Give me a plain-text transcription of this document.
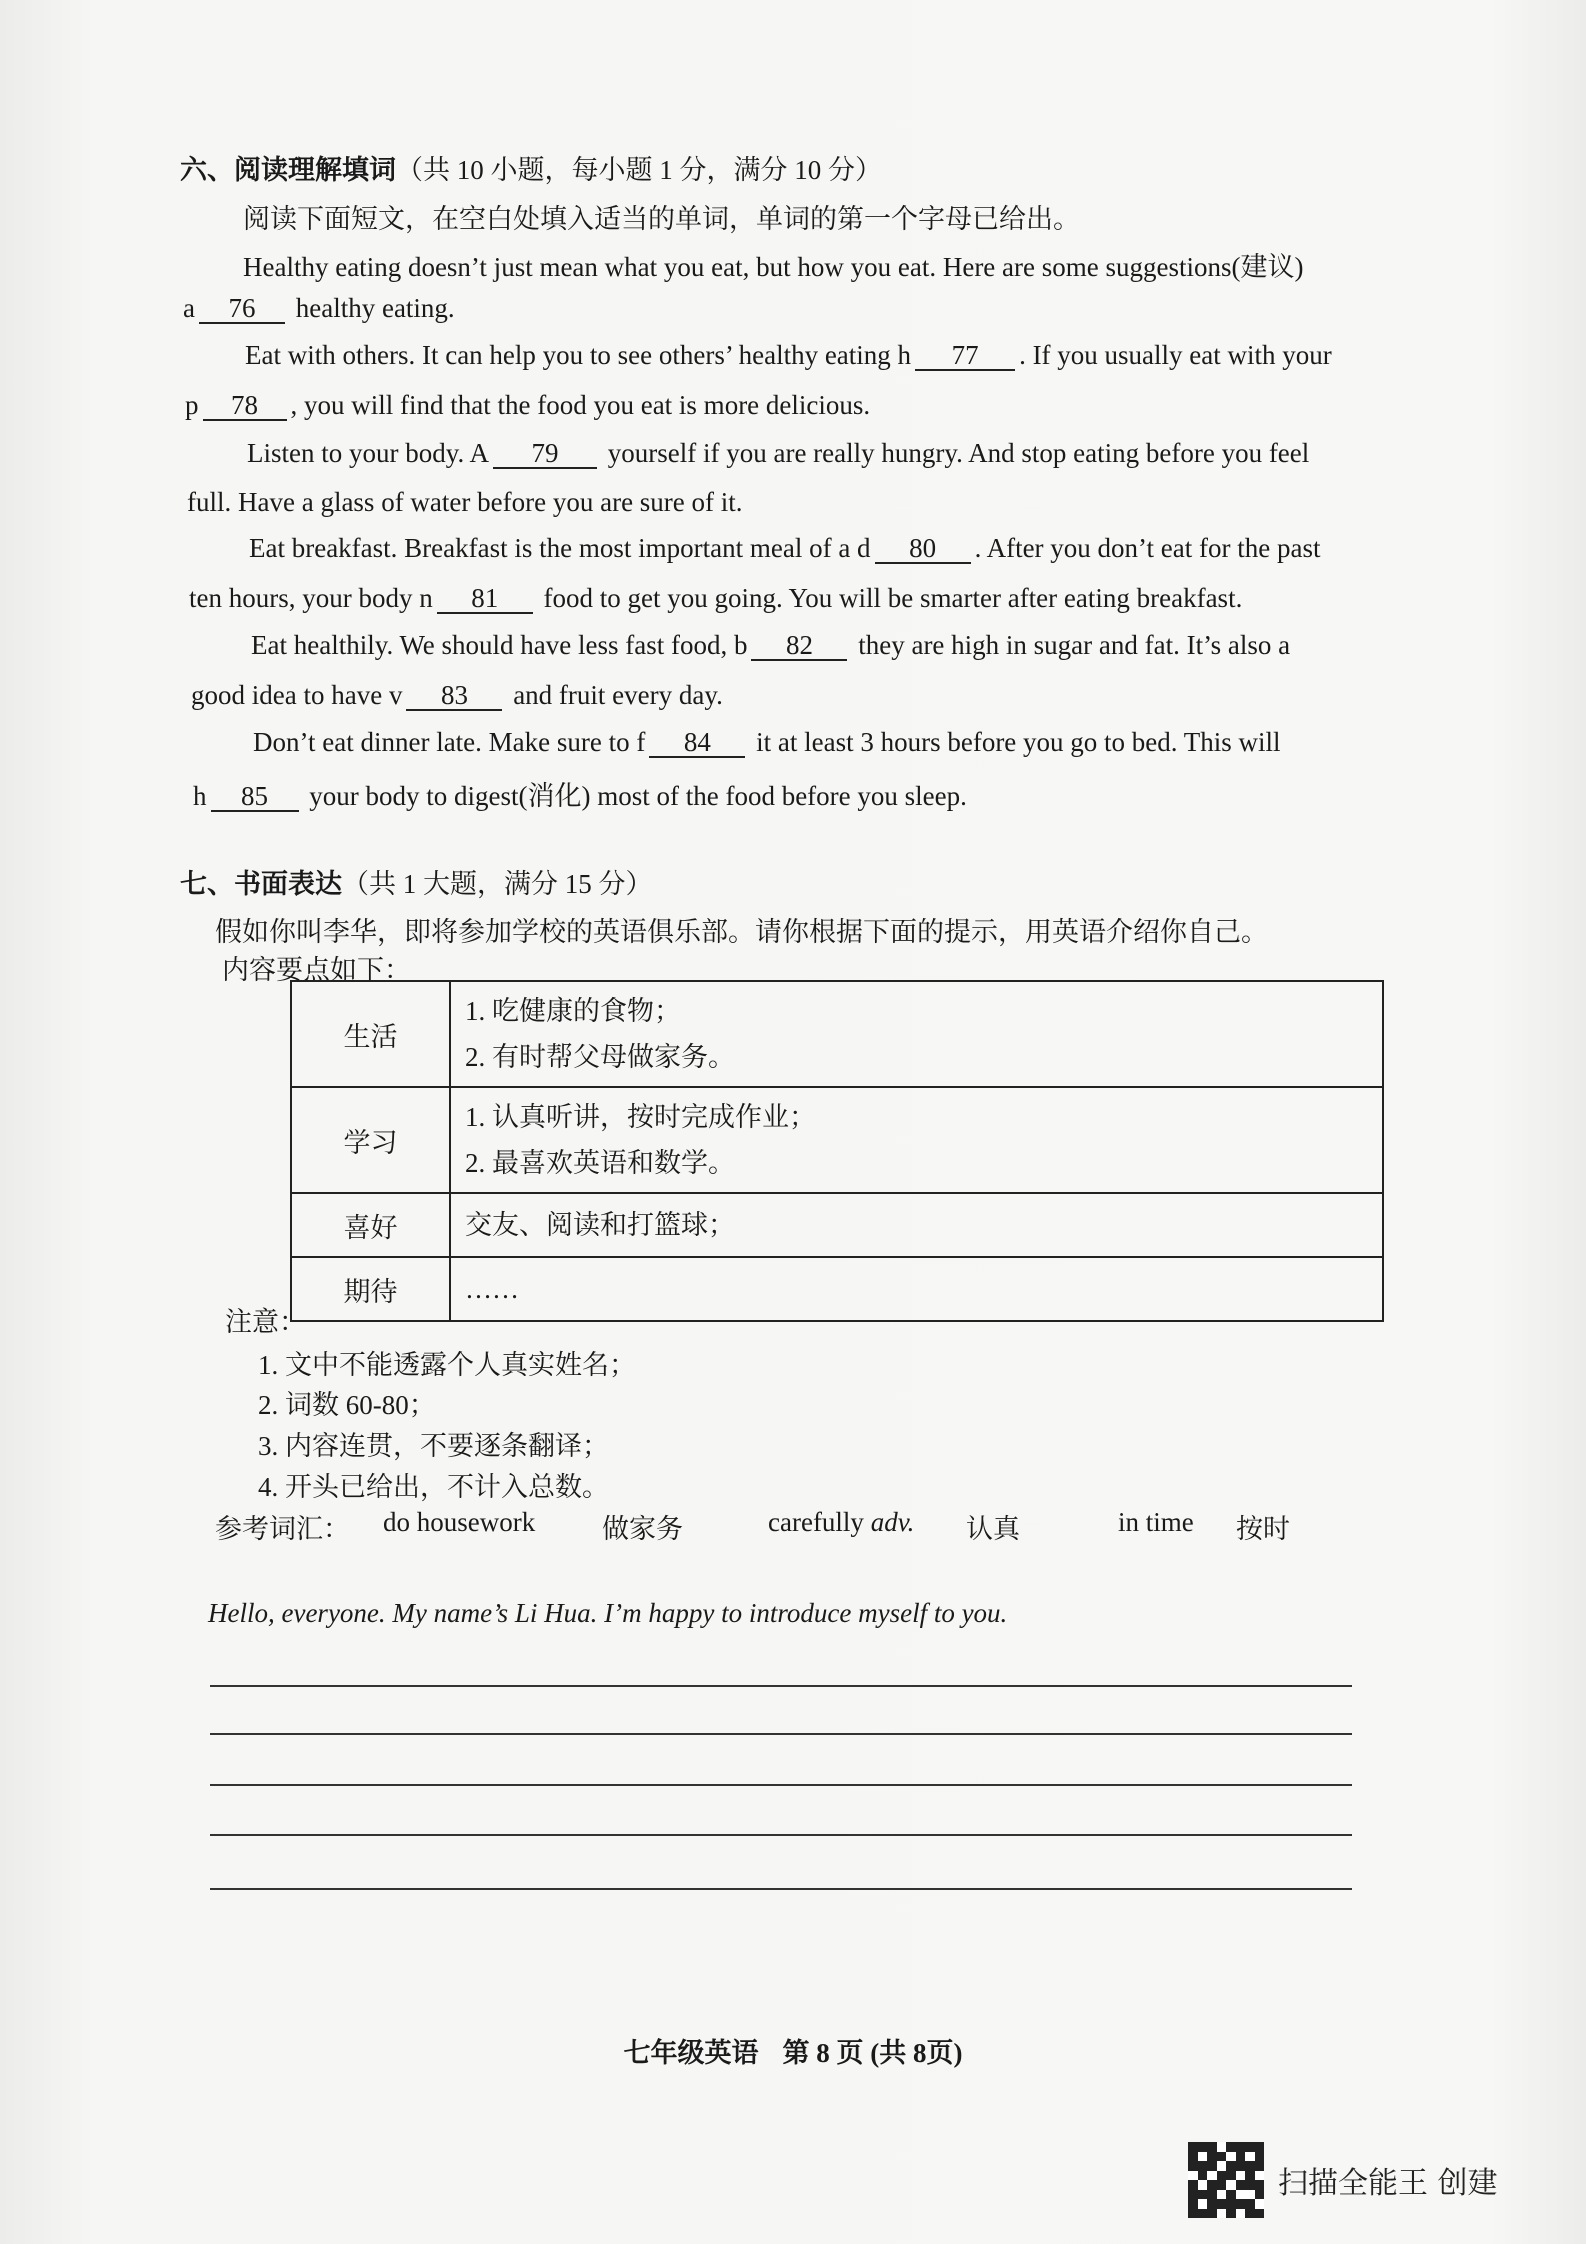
六、阅读理解填词（共 10 小题，每小题 1 分，满分 10 分）
阅读下面短文，在空白处填入适当的单词，单词的第一个字母已给出。
Healthy eating doesn’t just mean what you eat, but how you eat. Here are some suggestions(建议)
a 76 healthy eating.
Eat with others. It can help you to see others’ healthy eating h 77 . If you usually eat with your
p 78 , you will find that the food you eat is more delicious.
Listen to your body. A 79 yourself if you are really hungry. And stop eating before you feel
full. Have a glass of water before you are sure of it.
Eat breakfast. Breakfast is the most important meal of a d 80 . After you don’t eat for the past
ten hours, your body n 81 food to get you going. You will be smarter after eating breakfast.
Eat healthily. We should have less fast food, b 82 they are high in sugar and fat. It’s also a
good idea to have v 83 and fruit every day.
Don’t eat dinner late. Make sure to f 84 it at least 3 hours before you go to bed. This will
h 85 your body to digest(消化) most of the food before you sleep.
七、书面表达（共 1 大题，满分 15 分）
假如你叫李华，即将参加学校的英语俱乐部。请你根据下面的提示，用英语介绍你自己。
内容要点如下：
生活	1. 吃健康的食物；
2. 有时帮父母做家务。

学习	1. 认真听讲，按时完成作业；
2. 最喜欢英语和数学。

喜好	交友、阅读和打篮球；

期待	……
注意：
1. 文中不能透露个人真实姓名；
2. 词数 60-80；
3. 内容连贯，不要逐条翻译；
4. 开头已给出，不计入总数。
参考词汇： do housework 做家务	carefully adv. 认真	in time 按时
Hello, everyone. My name’s Li Hua. I’m happy to introduce myself to you.
七年级英语 第 8 页 (共 8页)
扫描全能王 创建
